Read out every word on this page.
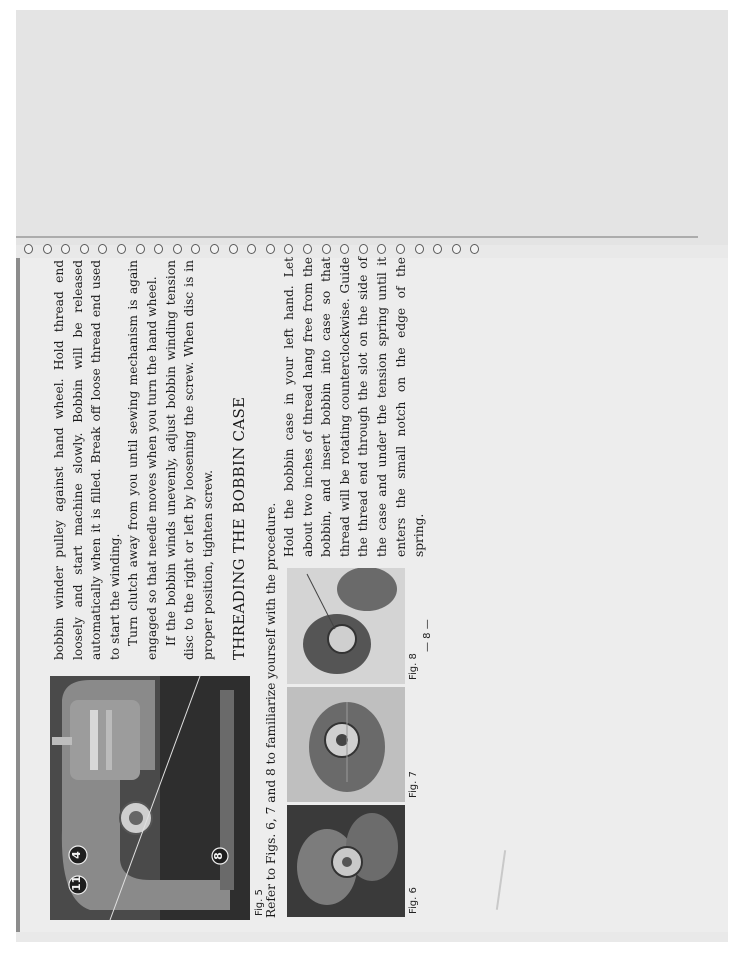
11
4	8
Fig. 5	Fig. 6
Fig. 7
Fig. 8
— 8 —

bobbin winder pulley against hand wheel. Hold thread end loosely and start machine slowly. Bobbin will be released automatically when it is filled. Break off loose thread end used to start the winding. Turn clutch away from you until sewing mechanism is again engaged so that needle moves when you turn the hand wheel. If the bobbin winds unevenly, adjust bobbin winding tension disc to the right or left by loosening the screw. When disc is in proper position, tighten screw. THREADING THE BOBBIN CASE Refer to Figs. 6, 7 and 8 to familiarize yourself with the procedure.

Hold the bobbin case in your left hand. Let about two inches of thread hang free from the bobbin, and insert bobbin into case so that thread will be rotating counterclockwise. Guide the thread end through the slot on the side of the case and under the tension spring until it enters the small notch on the edge of the spring.
